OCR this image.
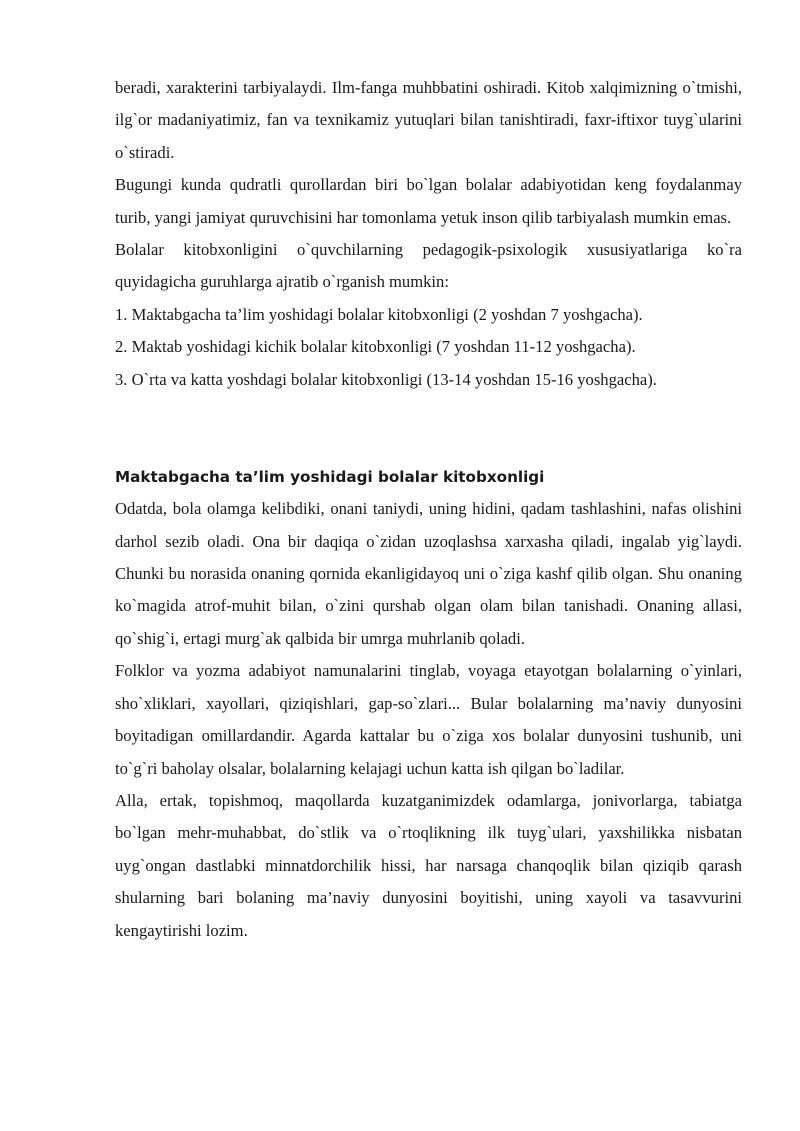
beradi, xarakterini tarbiyalaydi. Ilm-fanga muhbbatini oshiradi. Kitob xalqimizning o`tmishi, ilg`or madaniyatimiz, fan va texnikamiz yutuqlari bilan tanishtiradi, faxr-iftixor tuyg`ularini o`stiradi.

Bugungi kunda qudratli qurollardan biri bo`lgan bolalar adabiyotidan keng foydalanmay turib, yangi jamiyat quruvchisini har tomonlama yetuk inson qilib tarbiyalash mumkin emas.

Bolalar kitobxonligini o`quvchilarning pedagogik-psixologik xususiyatlariga ko`ra quyidagicha guruhlarga ajratib o`rganish mumkin:

1. Maktabgacha ta’lim yoshidagi bolalar kitobxonligi (2 yoshdan 7 yoshgacha).

2. Maktab yoshidagi kichik bolalar kitobxonligi (7 yoshdan 11-12 yoshgacha).

3. O`rta va katta yoshdagi bolalar kitobxonligi (13-14 yoshdan 15-16 yoshgacha).

Maktabgacha ta’lim yoshidagi bolalar kitobxonligi

Odatda, bola olamga kelibdiki, onani taniydi, uning hidini, qadam tashlashini, nafas olishini darhol sezib oladi. Ona bir daqiqa o`zidan uzoqlashsa xarxasha qiladi, ingalab yig`laydi. Chunki bu norasida onaning qornida ekanligidayoq uni o`ziga kashf qilib olgan. Shu onaning ko`magida atrof-muhit bilan, o`zini qurshab olgan olam bilan tanishadi. Onaning allasi, qo`shig`i, ertagi murg`ak qalbida bir umrga muhrlanib qoladi.

Folklor va yozma adabiyot namunalarini tinglab, voyaga etayotgan bolalarning o`yinlari, sho`xliklari, xayollari, qiziqishlari, gap-so`zlari... Bular bolalarning ma’naviy dunyosini boyitadigan omillardandir. Agarda kattalar bu o`ziga xos bolalar dunyosini tushunib, uni to`g`ri baholay olsalar, bolalarning kelajagi uchun katta ish qilgan bo`ladilar.

Alla, ertak, topishmoq, maqollarda kuzatganimizdek odamlarga, jonivorlarga, tabiatga bo`lgan mehr-muhabbat, do`stlik va o`rtoqlikning ilk tuyg`ulari, yaxshilikka nisbatan uyg`ongan dastlabki minnatdorchilik hissi, har narsaga chanqoqlik bilan qiziqib qarash shularning bari bolaning ma’naviy dunyosini boyitishi, uning xayoli va tasavvurini kengaytirishi lozim.
